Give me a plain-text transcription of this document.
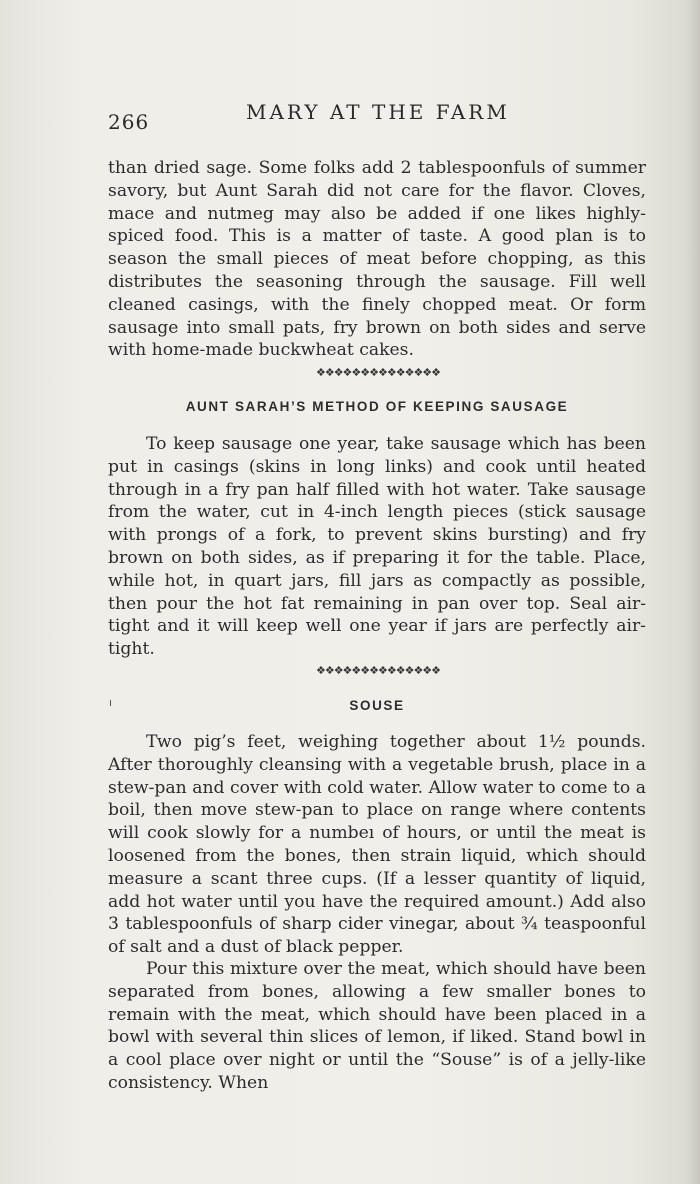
266	MARY AT THE FARM

than dried sage. Some folks add 2 tablespoonfuls of summer savory, but Aunt Sarah did not care for the flavor. Cloves, mace and nutmeg may also be added if one likes highly-spiced food. This is a matter of taste. A good plan is to season the small pieces of meat before chopping, as this distributes the seasoning through the sausage. Fill well cleaned casings, with the finely chopped meat. Or form sausage into small pats, fry brown on both sides and serve with home-made buckwheat cakes.

❖❖❖❖❖❖❖❖❖❖❖❖❖❖
AUNT SARAH’S METHOD OF KEEPING SAUSAGE

To keep sausage one year, take sausage which has been put in casings (skins in long links) and cook until heated through in a fry pan half filled with hot water. Take sausage from the water, cut in 4-inch length pieces (stick sausage with prongs of a fork, to prevent skins bursting) and fry brown on both sides, as if preparing it for the table. Place, while hot, in quart jars, fill jars as compactly as possible, then pour the hot fat remaining in pan over top. Seal air-tight and it will keep well one year if jars are perfectly air-tight.

❖❖❖❖❖❖❖❖❖❖❖❖❖❖
SOUSE

Two pig’s feet, weighing together about 1½ pounds. After thoroughly cleansing with a vegetable brush, place in a stew-pan and cover with cold water. Allow water to come to a boil, then move stew-pan to place on range where contents will cook slowly for a numbeı of hours, or until the meat is loosened from the bones, then strain liquid, which should measure a scant three cups. (If a lesser quantity of liquid, add hot water until you have the required amount.) Add also 3 tablespoonfuls of sharp cider vinegar, about ¾ teaspoonful of salt and a dust of black pepper.

Pour this mixture over the meat, which should have been separated from bones, allowing a few smaller bones to remain with the meat, which should have been placed in a bowl with several thin slices of lemon, if liked. Stand bowl in a cool place over night or until the “Souse” is of a jelly-like consistency. When
